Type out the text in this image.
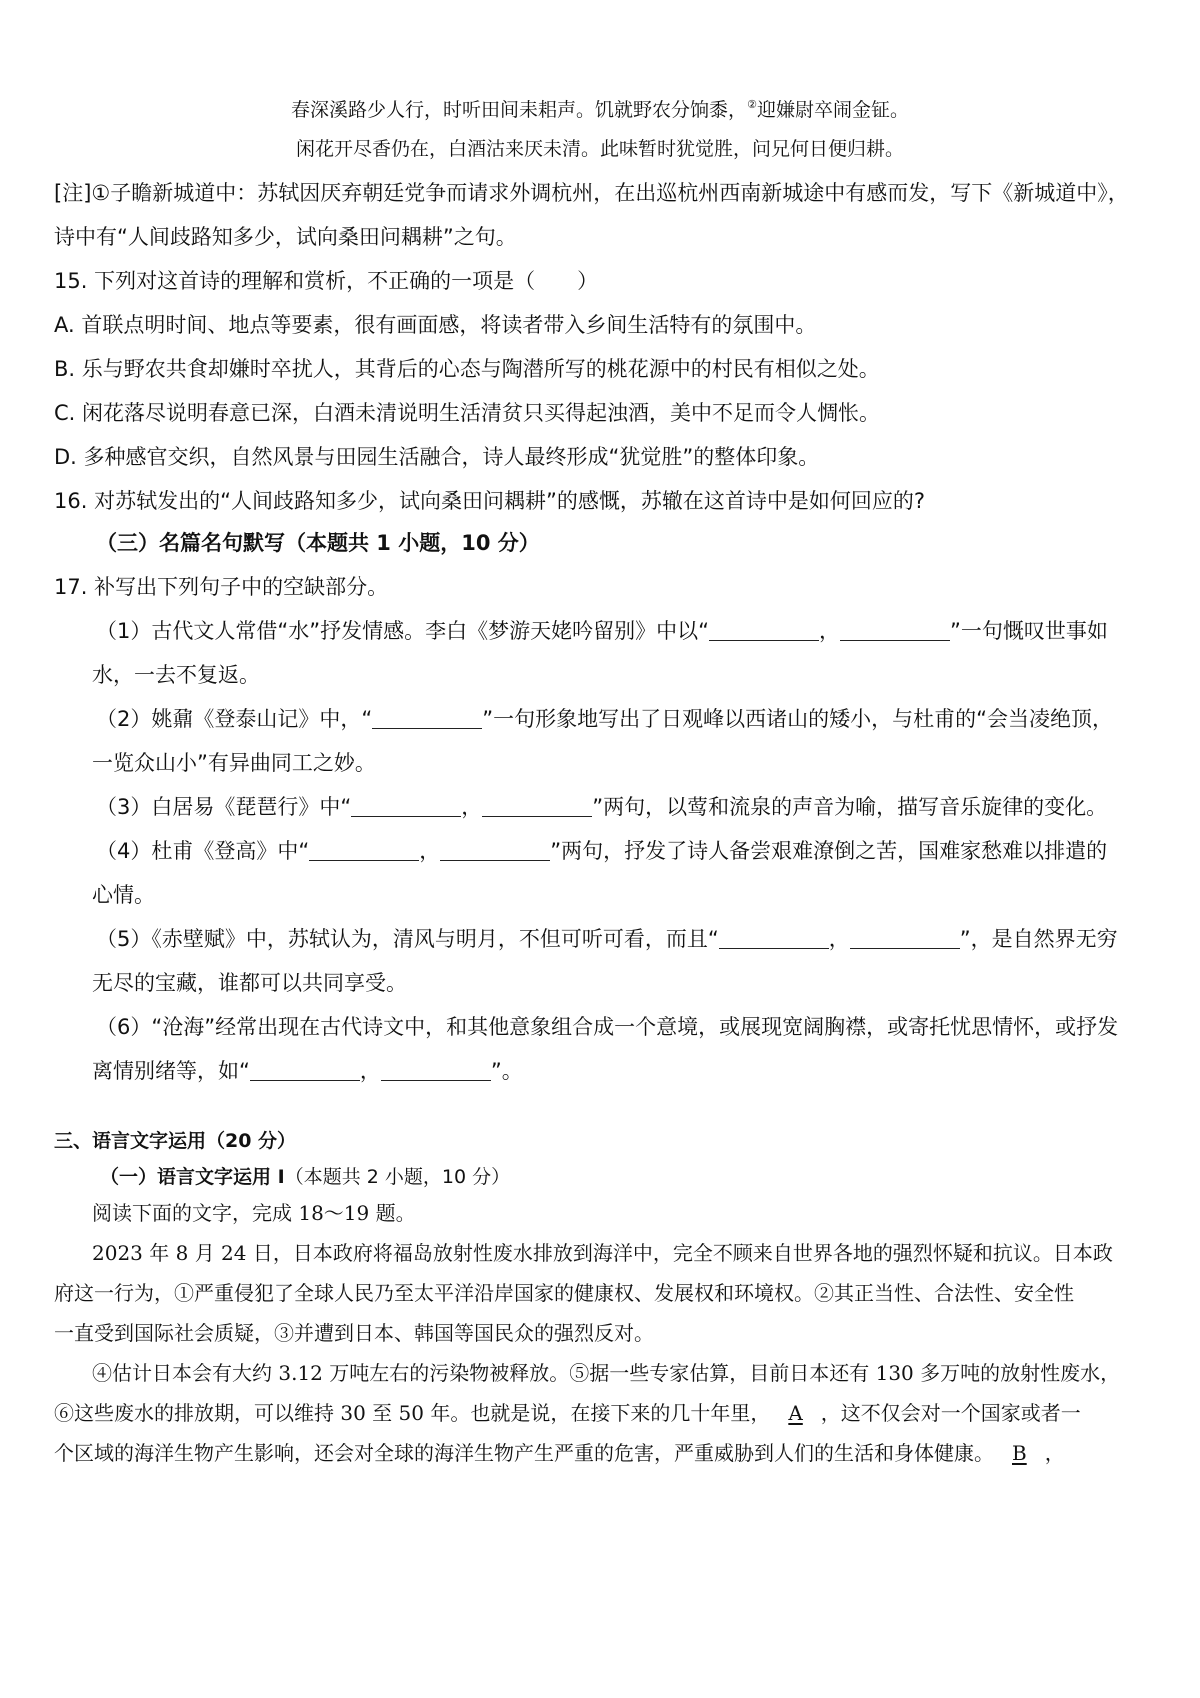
春深溪路少人行，时听田间耒耜声。饥就野农分饷黍，②迎嫌尉卒闹金钲。
闲花开尽香仍在，白酒沽来厌未清。此味暂时犹觉胜，问兄何日便归耕。
[注]①子瞻新城道中：苏轼因厌弃朝廷党争而请求外调杭州，在出巡杭州西南新城途中有感而发，写下《新城道中》，
诗中有“人间歧路知多少，试向桑田问耦耕”之句。
15. 下列对这首诗的理解和赏析，不正确的一项是（　　）
A. 首联点明时间、地点等要素，很有画面感，将读者带入乡间生活特有的氛围中。
B. 乐与野农共食却嫌时卒扰人，其背后的心态与陶潜所写的桃花源中的村民有相似之处。
C. 闲花落尽说明春意已深，白酒未清说明生活清贫只买得起浊酒，美中不足而令人惆怅。
D. 多种感官交织，自然风景与田园生活融合，诗人最终形成“犹觉胜”的整体印象。
16. 对苏轼发出的“人间歧路知多少，试向桑田问耦耕”的感慨，苏辙在这首诗中是如何回应的?
（三）名篇名句默写（本题共 1 小题，10 分）
17. 补写出下列句子中的空缺部分。
（1）古代文人常借“水”抒发情感。李白《梦游天姥吟留别》中以“	，	”一句慨叹世事如
水，一去不复返。
（2）姚鼐《登泰山记》中，“	”一句形象地写出了日观峰以西诸山的矮小，与杜甫的“会当凌绝顶，
一览众山小”有异曲同工之妙。
（3）白居易《琵琶行》中“	，	”两句，以莺和流泉的声音为喻，描写音乐旋律的变化。
（4）杜甫《登高》中“	，	”两句，抒发了诗人备尝艰难潦倒之苦，国难家愁难以排遣的
心情。
（5）《赤壁赋》中，苏轼认为，清风与明月，不但可听可看，而且“	，	”，是自然界无穷
无尽的宝藏，谁都可以共同享受。
（6）“沧海”经常出现在古代诗文中，和其他意象组合成一个意境，或展现宽阔胸襟，或寄托忧思情怀，或抒发
离情别绪等，如“	，	”。
三、语言文字运用（20 分）
（一）语言文字运用 I（本题共 2 小题，10 分）
阅读下面的文字，完成 18～19 题。
2023 年 8 月 24 日，日本政府将福岛放射性废水排放到海洋中，完全不顾来自世界各地的强烈怀疑和抗议。日本政
府这一行为，①严重侵犯了全球人民乃至太平洋沿岸国家的健康权、发展权和环境权。②其正当性、合法性、安全性
一直受到国际社会质疑，③并遭到日本、韩国等国民众的强烈反对。
④估计日本会有大约 3.12 万吨左右的污染物被释放。⑤据一些专家估算，目前日本还有 130 多万吨的放射性废水，
⑥这些废水的排放期，可以维持 30 至 50 年。也就是说，在接下来的几十年里， A ，这不仅会对一个国家或者一
个区域的海洋生物产生影响，还会对全球的海洋生物产生严重的危害，严重威胁到人们的生活和身体健康。 B ，
